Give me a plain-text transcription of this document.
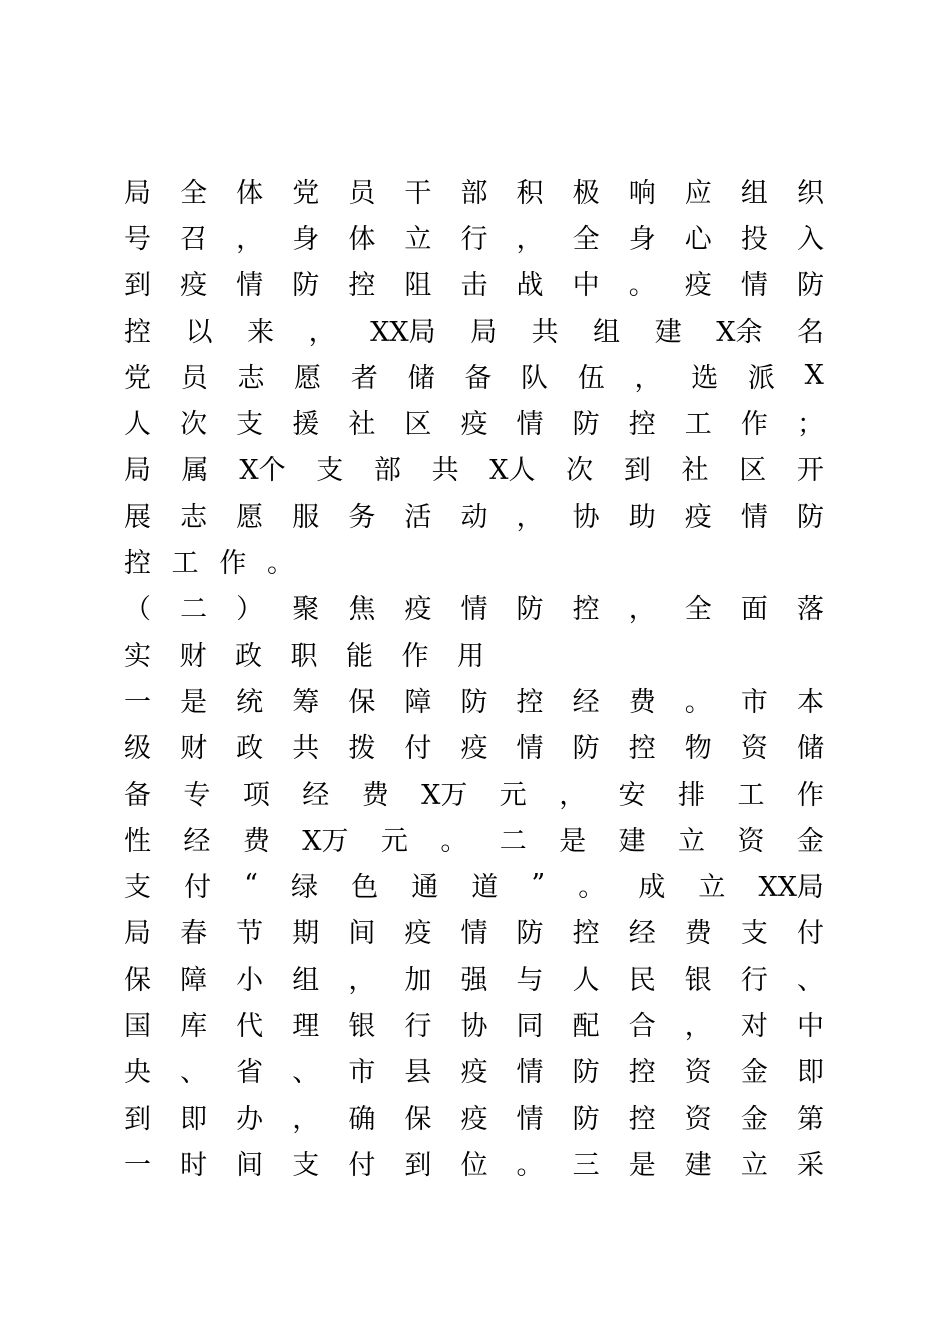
局 全 体 党 员 干 部 积 极 响 应 组 织
号 召 ， 身 体 立 行 ， 全 身 心 投 入
到 疫 情 防 控 阻 击 战 中 。 疫 情 防
控 以 来 ， XX局 局 共 组 建 X余 名
党 员 志 愿 者 储 备 队 伍 ， 选 派 X
人 次 支 援 社 区 疫 情 防 控 工 作 ；
局 属 X个 支 部 共 X人 次 到 社 区 开
展 志 愿 服 务 活 动 ， 协 助 疫 情 防
控 工 作 。
（ 二 ） 聚 焦 疫 情 防 控 ， 全 面 落
实 财 政 职 能 作 用
一 是 统 筹 保 障 防 控 经 费 。 市 本
级 财 政 共 拨 付 疫 情 防 控 物 资 储
备 专 项 经 费 X万 元 ， 安 排 工 作
性 经 费 X万 元 。 二 是 建 立 资 金
支 付 “ 绿 色 通 道 ” 。 成 立 XX局
局 春 节 期 间 疫 情 防 控 经 费 支 付
保 障 小 组 ， 加 强 与 人 民 银 行 、
国 库 代 理 银 行 协 同 配 合 ， 对 中
央 、 省 、 市 县 疫 情 防 控 资 金 即
到 即 办 ， 确 保 疫 情 防 控 资 金 第
一 时 间 支 付 到 位 。 三 是 建 立 采
